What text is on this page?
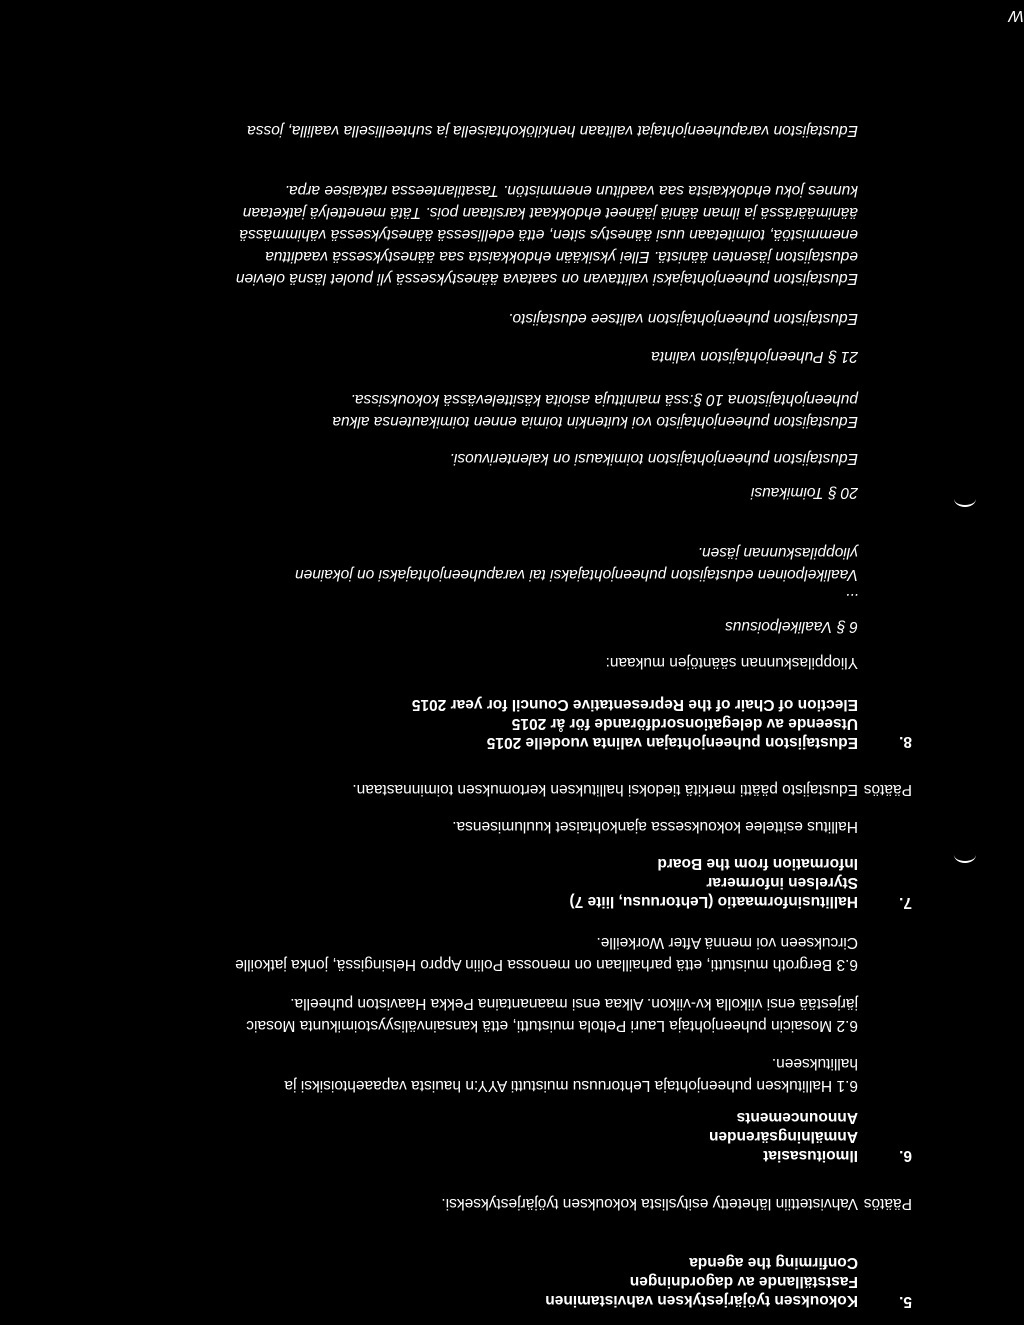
5.
Kokouksen työjärjestyksen vahvistaminen
Fastställande av dagordningen
Confirming the agenda
Päätös
Vahvistettiin lähetetty esityslista kokouksen työjärjestykseksi.
6.
Ilmoitusasiat
Anmälningsärenden
Announcements
6.1 Hallituksen puheenjohtaja Lehtoruusu muistutti AYY:n hauista vapaaehtoisiksi ja
hallitukseen.
6.2 Mosaicin puheenjohtaja Lauri Peltola muistutti, että kansainvälisyystoimikunta Mosaic
järjestää ensi viikolla kv-viikon. Alkaa ensi maanantaina Pekka Haaviston puheella.
6.3 Bergroth muistutti, että parhaillaan on menossa Poliin Appro Helsingissä, jonka jatkoille
Circukseen voi mennä After Workeille.
7.
Hallitusinformaatio (Lehtoruusu, liite 7)
Styrelsen informerar
Information from the Board
Hallitus esittelee kokouksessa ajankohtaiset kuulumisensa.
Päätös
Edustajisto päätti merkitä tiedoksi hallituksen kertomuksen toiminnastaan.
8.
Edustajiston puheenjohtajan valinta vuodelle 2015
Utseende av delegationsordförande för år 2015
Election of Chair of the Representative Council for year 2015
Ylioppilaskunnan sääntöjen mukaan:
6 § Vaalikelpoisuus
...
Vaalikelpoinen edustajiston puheenjohtajaksi tai varapuheenjohtajaksi on jokainen
ylioppilaskunnan jäsen.
20 § Toimikausi
Edustajiston puheenjohtajiston toimikausi on kalenterivuosi.
Edustajiston puheenjohtajisto voi kuitenkin toimia ennen toimikautensa alkua
puheenjohtajistona 10 §:ssä mainittuja asioita käsittelevässä kokouksissa.
21 § Puheenjohtajiston valinta
Edustajiston puheenjohtajiston valitsee edustajisto.
Edustajiston puheenjohtajaksi valittavan on saatava äänestyksessä yli puolet läsnä olevien
edustajiston jäsenten äänistä. Ellei yksikään ehdokkaista saa äänestyksessä vaadittua
enemmistöä, toimitetaan uusi äänestys siten, että edellisessä äänestyksessä vähimmässä
äänimäärässä ja ilman ääniä jääneet ehdokkaat karsitaan pois. Tätä menettelyä jatketaan
kunnes joku ehdokkaista saa vaaditun enemmistön. Tasatilanteessa ratkaisee arpa.
Edustajiston varapuheenjohtajat valitaan henkilökohtaisella ja suhteellisella vaalilla, jossa
W
